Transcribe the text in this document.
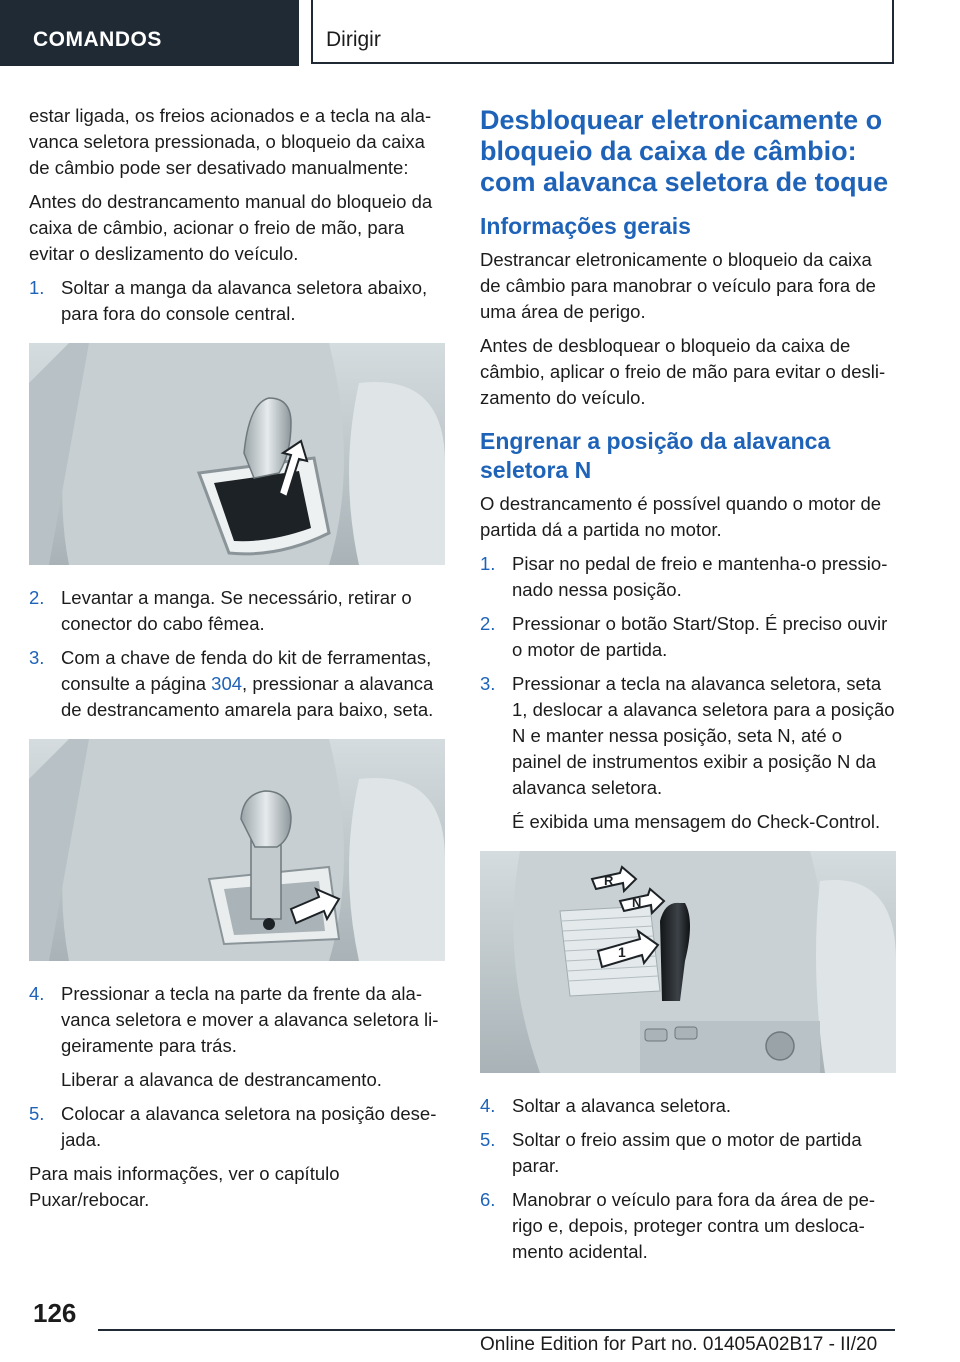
COMANDOS	Dirigir

estar ligada, os freios acionados e a tecla na alavanca seletora pressionada, o bloqueio da caixa de câmbio pode ser desativado manualmente:

Antes do destrancamento manual do bloqueio da caixa de câmbio, acionar o freio de mão, para evitar o deslizamento do veículo.

1. Soltar a manga da alavanca seletora abaixo, para fora do console central.
2. Levantar a manga. Se necessário, retirar o conector do cabo fêmea.
3. Com a chave de fenda do kit de ferramentas, consulte a página 304, pressionar a alavanca de destrancamento amarela para baixo, seta.
4. Pressionar a tecla na parte da frente da alavanca seletora e mover a alavanca seletora ligeiramente para trás.
Liberar a alavanca de destrancamento.
5. Colocar a alavanca seletora na posição desejada.

Para mais informações, ver o capítulo Puxar/rebocar.

Desbloquear eletronicamente o bloqueio da caixa de câmbio: com alavanca seletora de toque
Informações gerais

Destrancar eletronicamente o bloqueio da caixa de câmbio para manobrar o veículo para fora de uma área de perigo.

Antes de desbloquear o bloqueio da caixa de câmbio, aplicar o freio de mão para evitar o deslizamento do veículo.

Engrenar a posição da alavanca seletora N

O destrancamento é possível quando o motor de partida dá a partida no motor.

1. Pisar no pedal de freio e mantenha-o pressionado nessa posição.
2. Pressionar o botão Start/Stop. É preciso ouvir o motor de partida.
3. Pressionar a tecla na alavanca seletora, seta 1, deslocar a alavanca seletora para a posição N e manter nessa posição, seta N, até o painel de instrumentos exibir a posição N da alavanca seletora.
É exibida uma mensagem do Check-Control.
R
N
1
4. Soltar a alavanca seletora.
5. Soltar o freio assim que o motor de partida parar.
6. Manobrar o veículo para fora da área de perigo e, depois, proteger contra um deslocamento acidental.
126
Online Edition for Part no. 01405A02B17 - II/20
